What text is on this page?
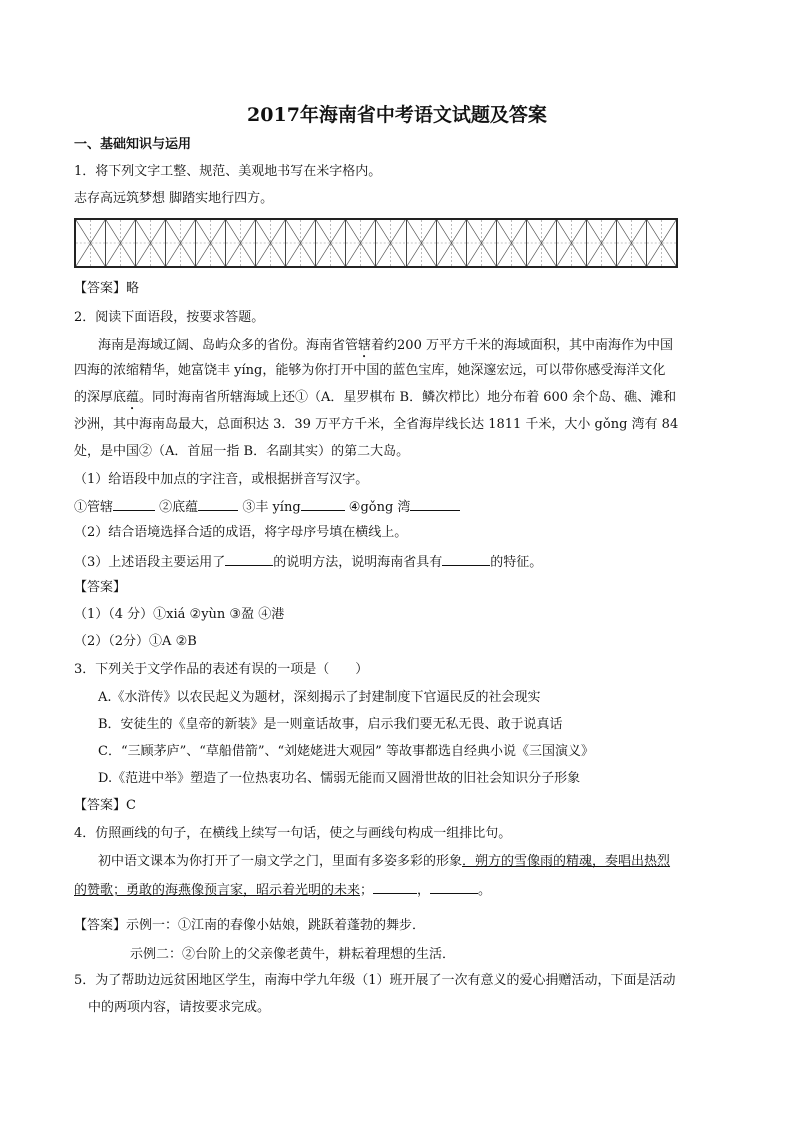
2017年海南省中考语文试题及答案
一、基础知识与运用
1．将下列文字工整、规范、美观地书写在米字格内。
志存高远筑梦想 脚踏实地行四方。
【答案】略
2．阅读下面语段，按要求答题。
海南是海域辽阔、岛屿众多的省份。海南省管辖着约200 万平方千米的海域面积，其中南海作为中国
四海的浓缩精华，她富饶丰 yíng，能够为你打开中国的蓝色宝库，她深邃宏远，可以带你感受海洋文化
的深厚底蕴。同时海南省所辖海域上还①（A．星罗棋布 B．鳞次栉比）地分布着 600 余个岛、礁、滩和
沙洲，其中海南岛最大，总面积达 3．39 万平方千米，全省海岸线长达 1811 千米，大小 gǒng 湾有 84
处，是中国②（A．首屈一指 B．名副其实）的第二大岛。
（1）给语段中加点的字注音，或根据拼音写汉字。
①管辖	②底蕴	③丰 yíng	④gǒng 湾
（2）结合语境选择合适的成语，将字母序号填在横线上。
（3）上述语段主要运用了	的说明方法，说明海南省具有	的特征。
【答案】
（1）（4 分）①xiá ②yùn ③盈 ④港
（2）（2分）①A ②B
3．下列关于文学作品的表述有误的一项是（　　）
A.《水浒传》以农民起义为题材，深刻揭示了封建制度下官逼民反的社会现实
B．安徒生的《皇帝的新装》是一则童话故事，启示我们要无私无畏、敢于说真话
C．“三顾茅庐”、“草船借箭”、“刘姥姥进大观园” 等故事都选自经典小说《三国演义》
D.《范进中举》塑造了一位热衷功名、懦弱无能而又圆滑世故的旧社会知识分子形象
【答案】C
4．仿照画线的句子，在横线上续写一句话，使之与画线句构成一组排比句。
初中语文课本为你打开了一扇文学之门，里面有多姿多彩的形象．朔方的雪像雨的精魂，奏唱出热烈
的赞歌；勇敢的海燕像预言家，昭示着光明的未来；	，	。
【答案】示例一：①江南的春像小姑娘，跳跃着蓬勃的舞步．
示例二：②台阶上的父亲像老黄牛，耕耘着理想的生活．
5．为了帮助边远贫困地区学生，南海中学九年级（1）班开展了一次有意义的爱心捐赠活动，下面是活动
中的两项内容，请按要求完成。
